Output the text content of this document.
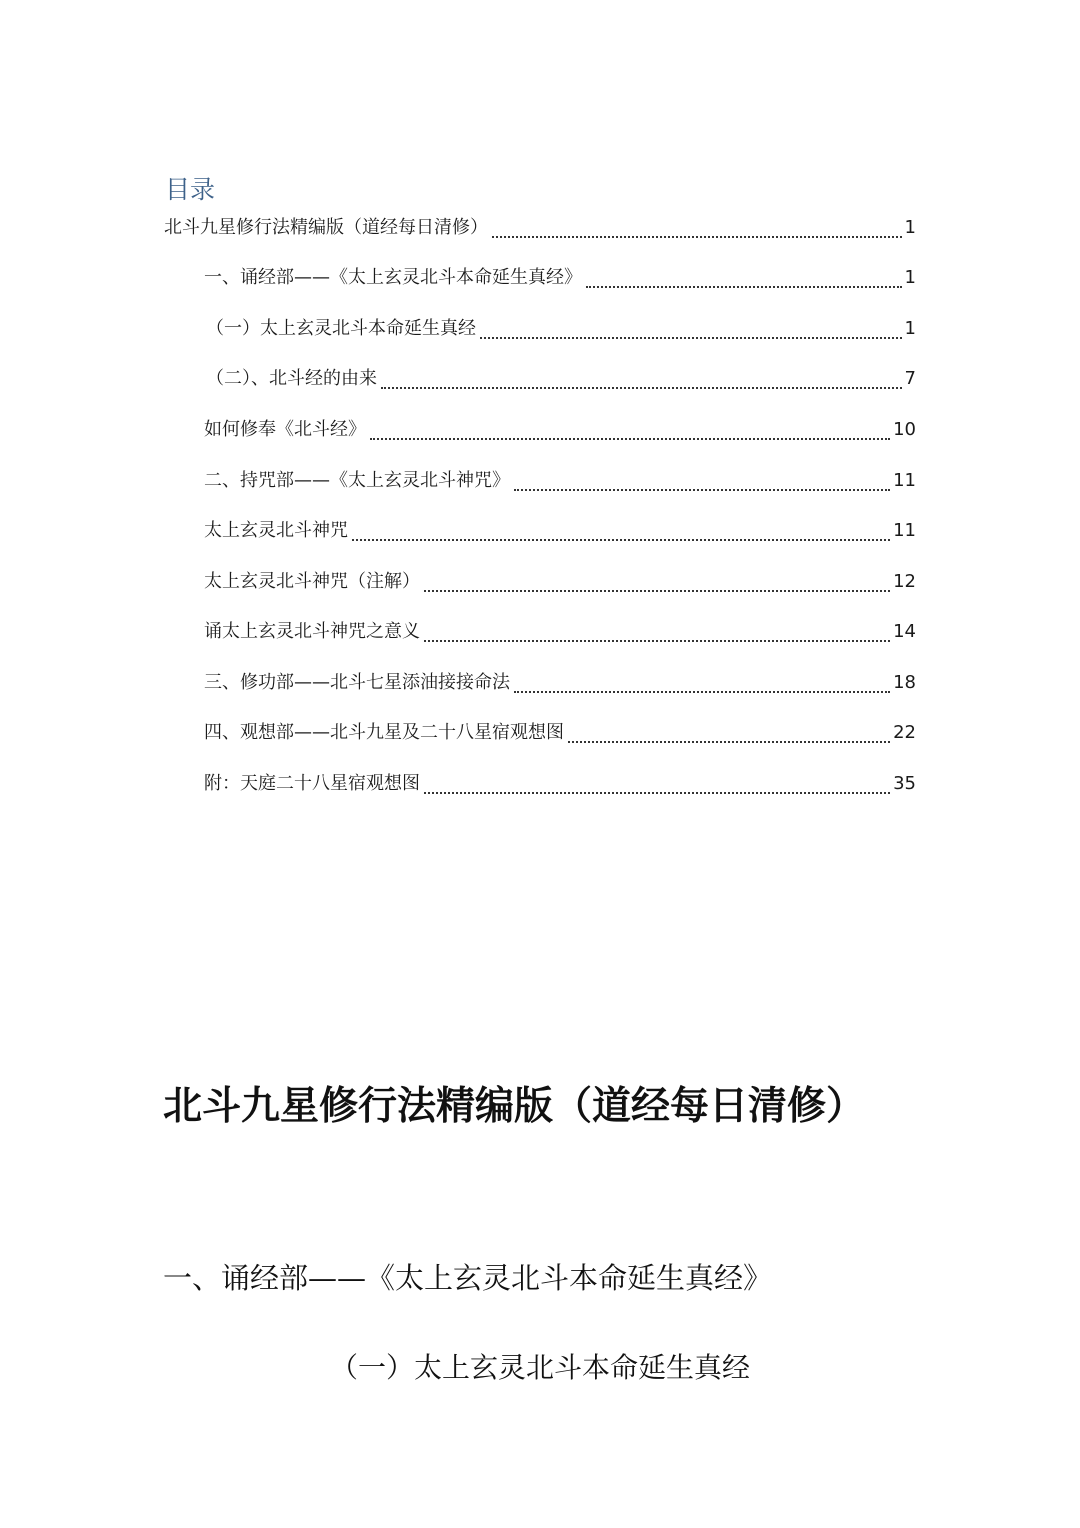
目录
北斗九星修行法精编版（道经每日清修）	1
一、诵经部——《太上玄灵北斗本命延生真经》	1
（一）太上玄灵北斗本命延生真经	1
（二）、北斗经的由来	7
如何修奉《北斗经》	10
二、持咒部——《太上玄灵北斗神咒》	11
太上玄灵北斗神咒	11
太上玄灵北斗神咒（注解）	12
诵太上玄灵北斗神咒之意义	14
三、修功部——北斗七星添油接接命法	18
四、观想部——北斗九星及二十八星宿观想图	22
附：天庭二十八星宿观想图	35
北斗九星修行法精编版（道经每日清修）
一、诵经部——《太上玄灵北斗本命延生真经》
（一）太上玄灵北斗本命延生真经
